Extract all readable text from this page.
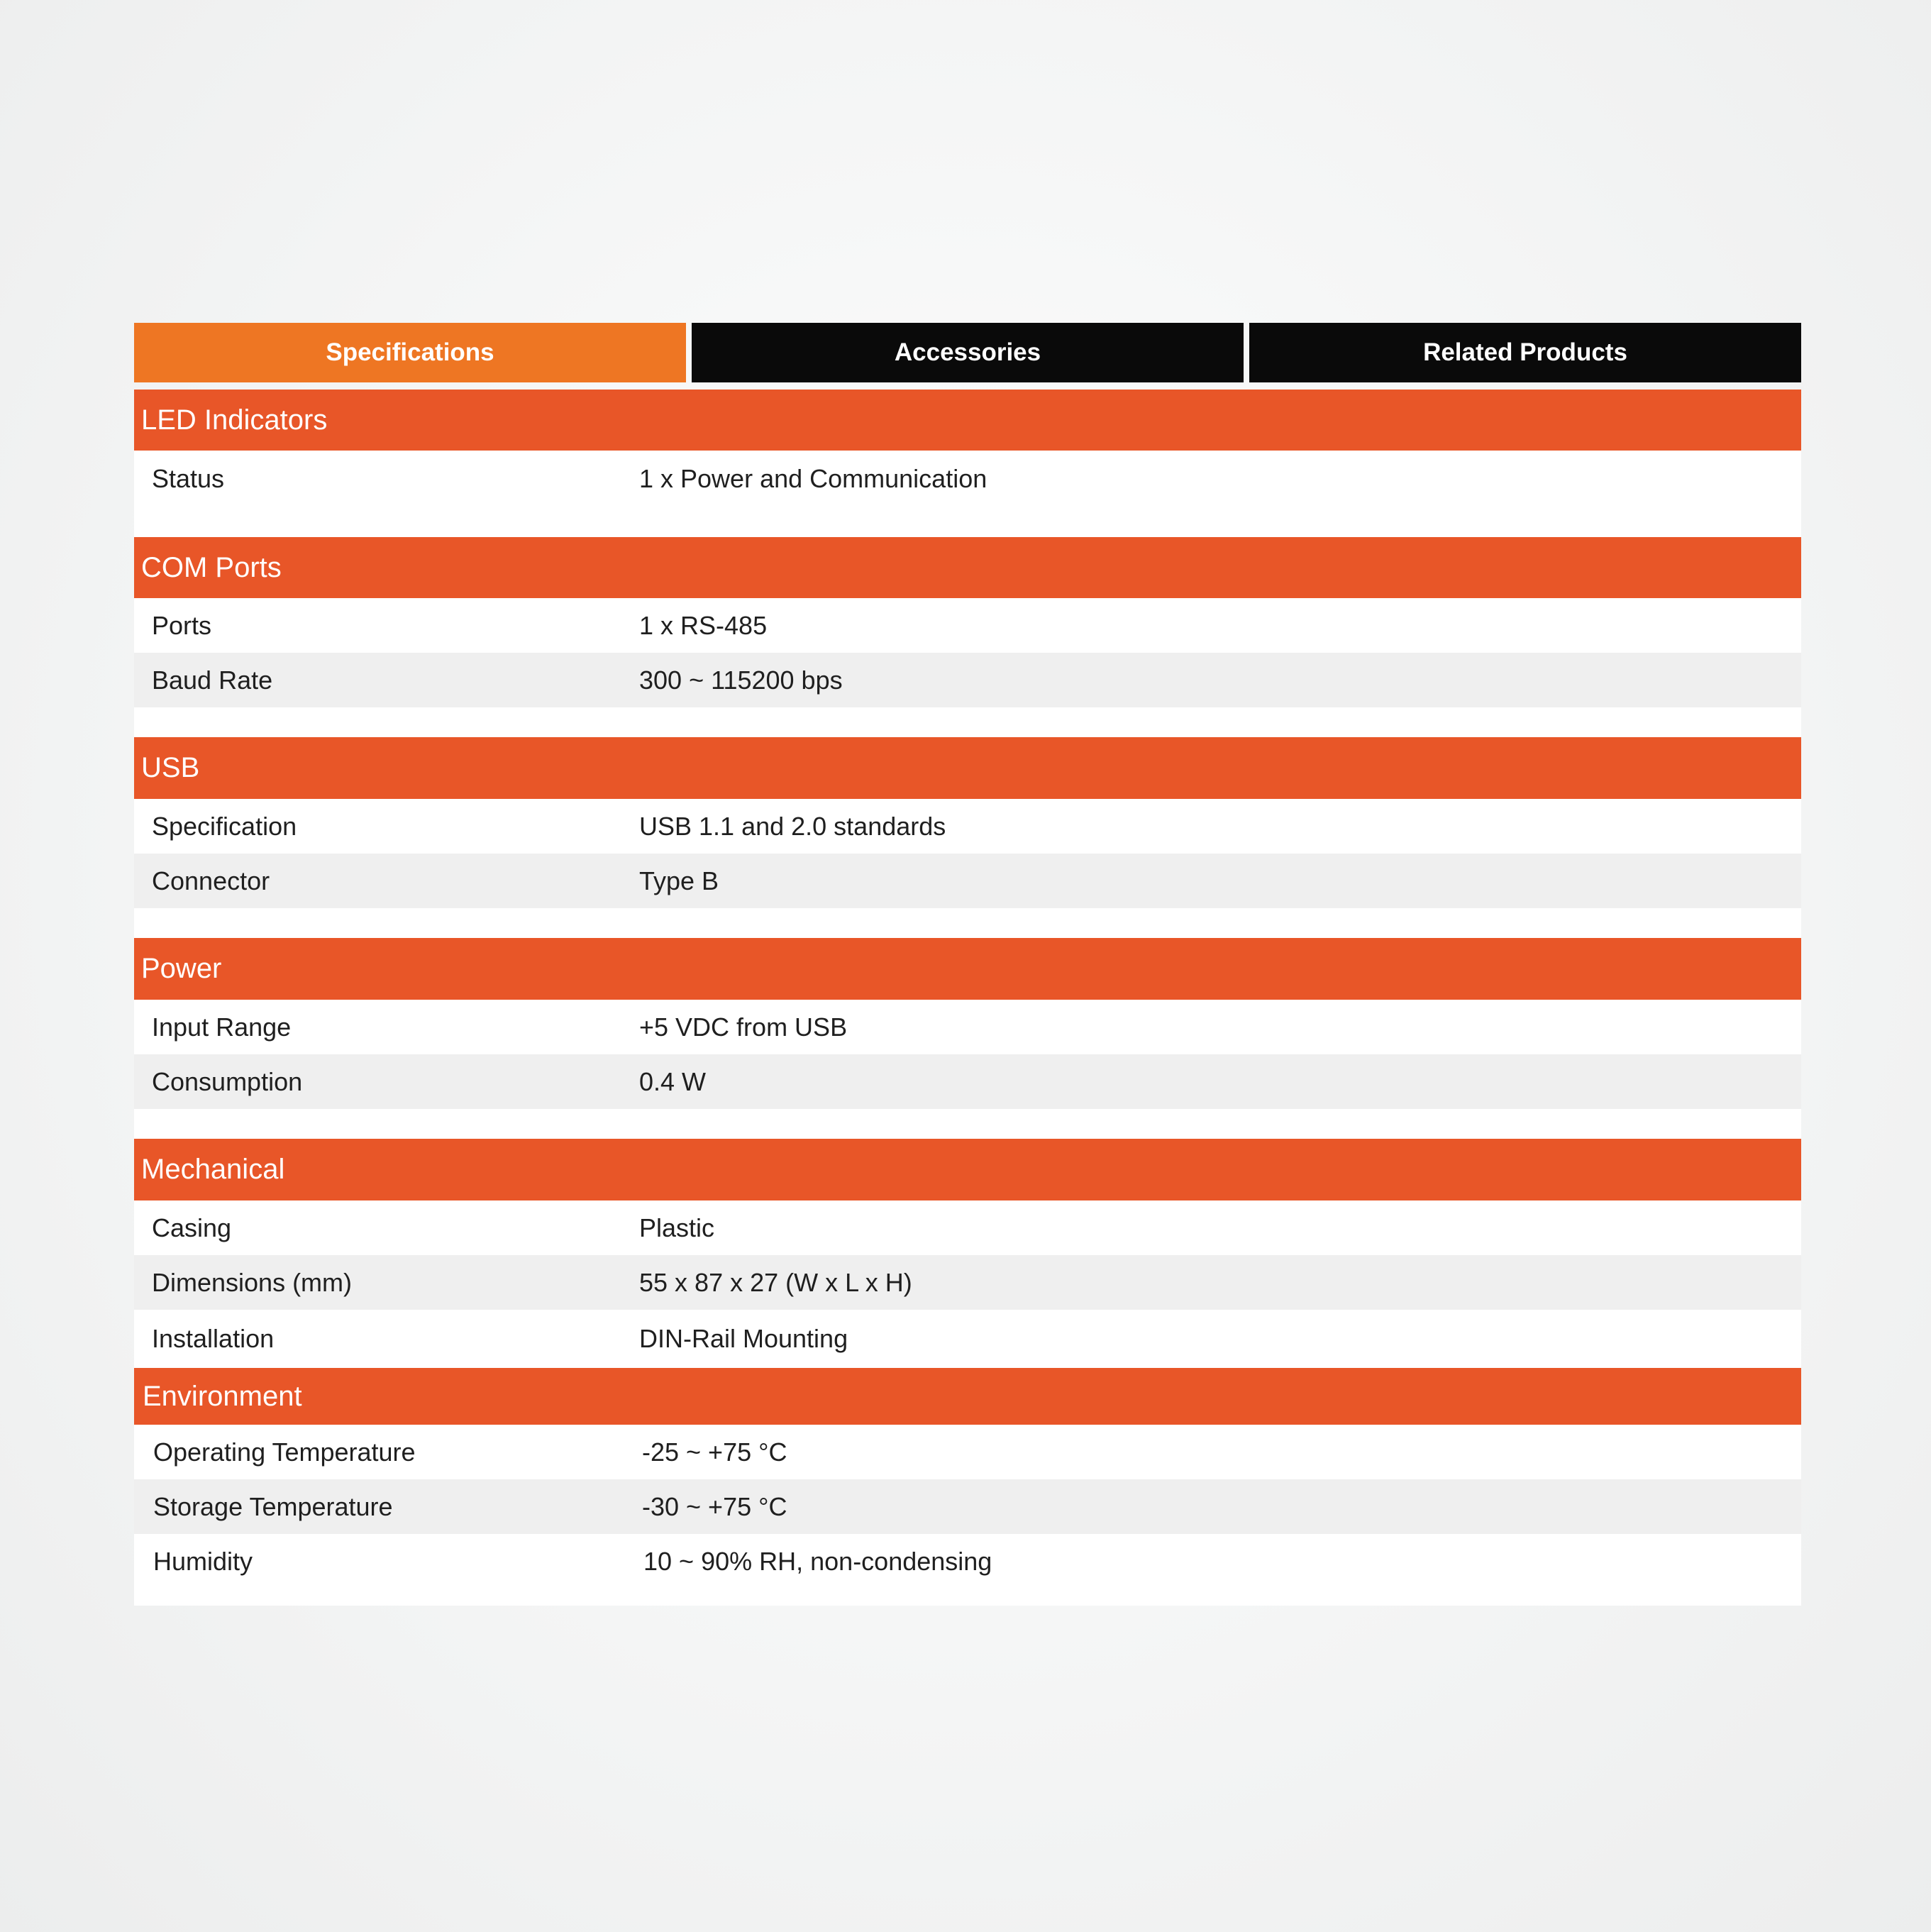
Specifications	Accessories	Related Products
LED Indicators
Status	1 x Power and Communication
COM Ports
Ports	1 x RS-485
Baud Rate	300 ~ 115200 bps
USB
Specification	USB 1.1 and 2.0 standards
Connector	Type B
Power
Input Range	+5 VDC from USB
Consumption	0.4 W
Mechanical
Casing	Plastic
Dimensions (mm)	55 x 87 x 27 (W x L x H)
Installation	DIN-Rail Mounting
Environment
Operating Temperature	-25 ~ +75 °C
Storage Temperature	-30 ~ +75 °C
Humidity	10 ~ 90% RH, non-condensing
